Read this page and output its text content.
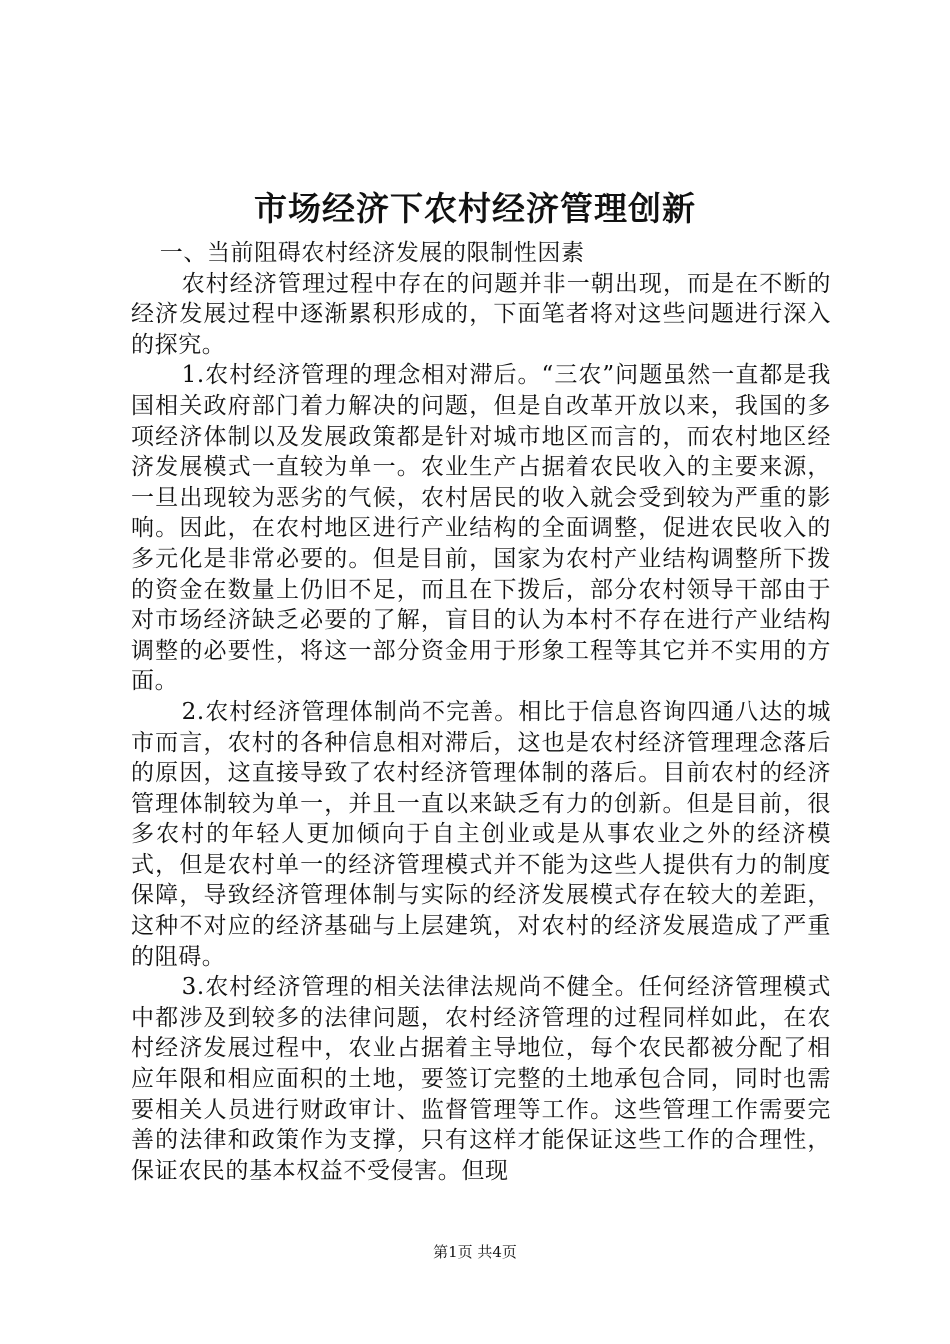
市场经济下农村经济管理创新

一、当前阻碍农村经济发展的限制性因素

农村经济管理过程中存在的问题并非一朝出现，而是在不断的经济发展过程中逐渐累积形成的，下面笔者将对这些问题进行深入的探究。

1.农村经济管理的理念相对滞后。“三农”问题虽然一直都是我国相关政府部门着力解决的问题，但是自改革开放以来，我国的多项经济体制以及发展政策都是针对城市地区而言的，而农村地区经济发展模式一直较为单一。农业生产占据着农民收入的主要来源，一旦出现较为恶劣的气候，农村居民的收入就会受到较为严重的影响。因此，在农村地区进行产业结构的全面调整，促进农民收入的多元化是非常必要的。但是目前，国家为农村产业结构调整所下拨的资金在数量上仍旧不足，而且在下拨后，部分农村领导干部由于对市场经济缺乏必要的了解，盲目的认为本村不存在进行产业结构调整的必要性，将这一部分资金用于形象工程等其它并不实用的方面。

2.农村经济管理体制尚不完善。相比于信息咨询四通八达的城市而言，农村的各种信息相对滞后，这也是农村经济管理理念落后的原因，这直接导致了农村经济管理体制的落后。目前农村的经济管理体制较为单一，并且一直以来缺乏有力的创新。但是目前，很多农村的年轻人更加倾向于自主创业或是从事农业之外的经济模式，但是农村单一的经济管理模式并不能为这些人提供有力的制度保障，导致经济管理体制与实际的经济发展模式存在较大的差距，这种不对应的经济基础与上层建筑，对农村的经济发展造成了严重的阻碍。

3.农村经济管理的相关法律法规尚不健全。任何经济管理模式中都涉及到较多的法律问题，农村经济管理的过程同样如此，在农村经济发展过程中，农业占据着主导地位，每个农民都被分配了相应年限和相应面积的土地，要签订完整的土地承包合同，同时也需要相关人员进行财政审计、监督管理等工作。这些管理工作需要完善的法律和政策作为支撑，只有这样才能保证这些工作的合理性，保证农民的基本权益不受侵害。但现

第1页 共4页
